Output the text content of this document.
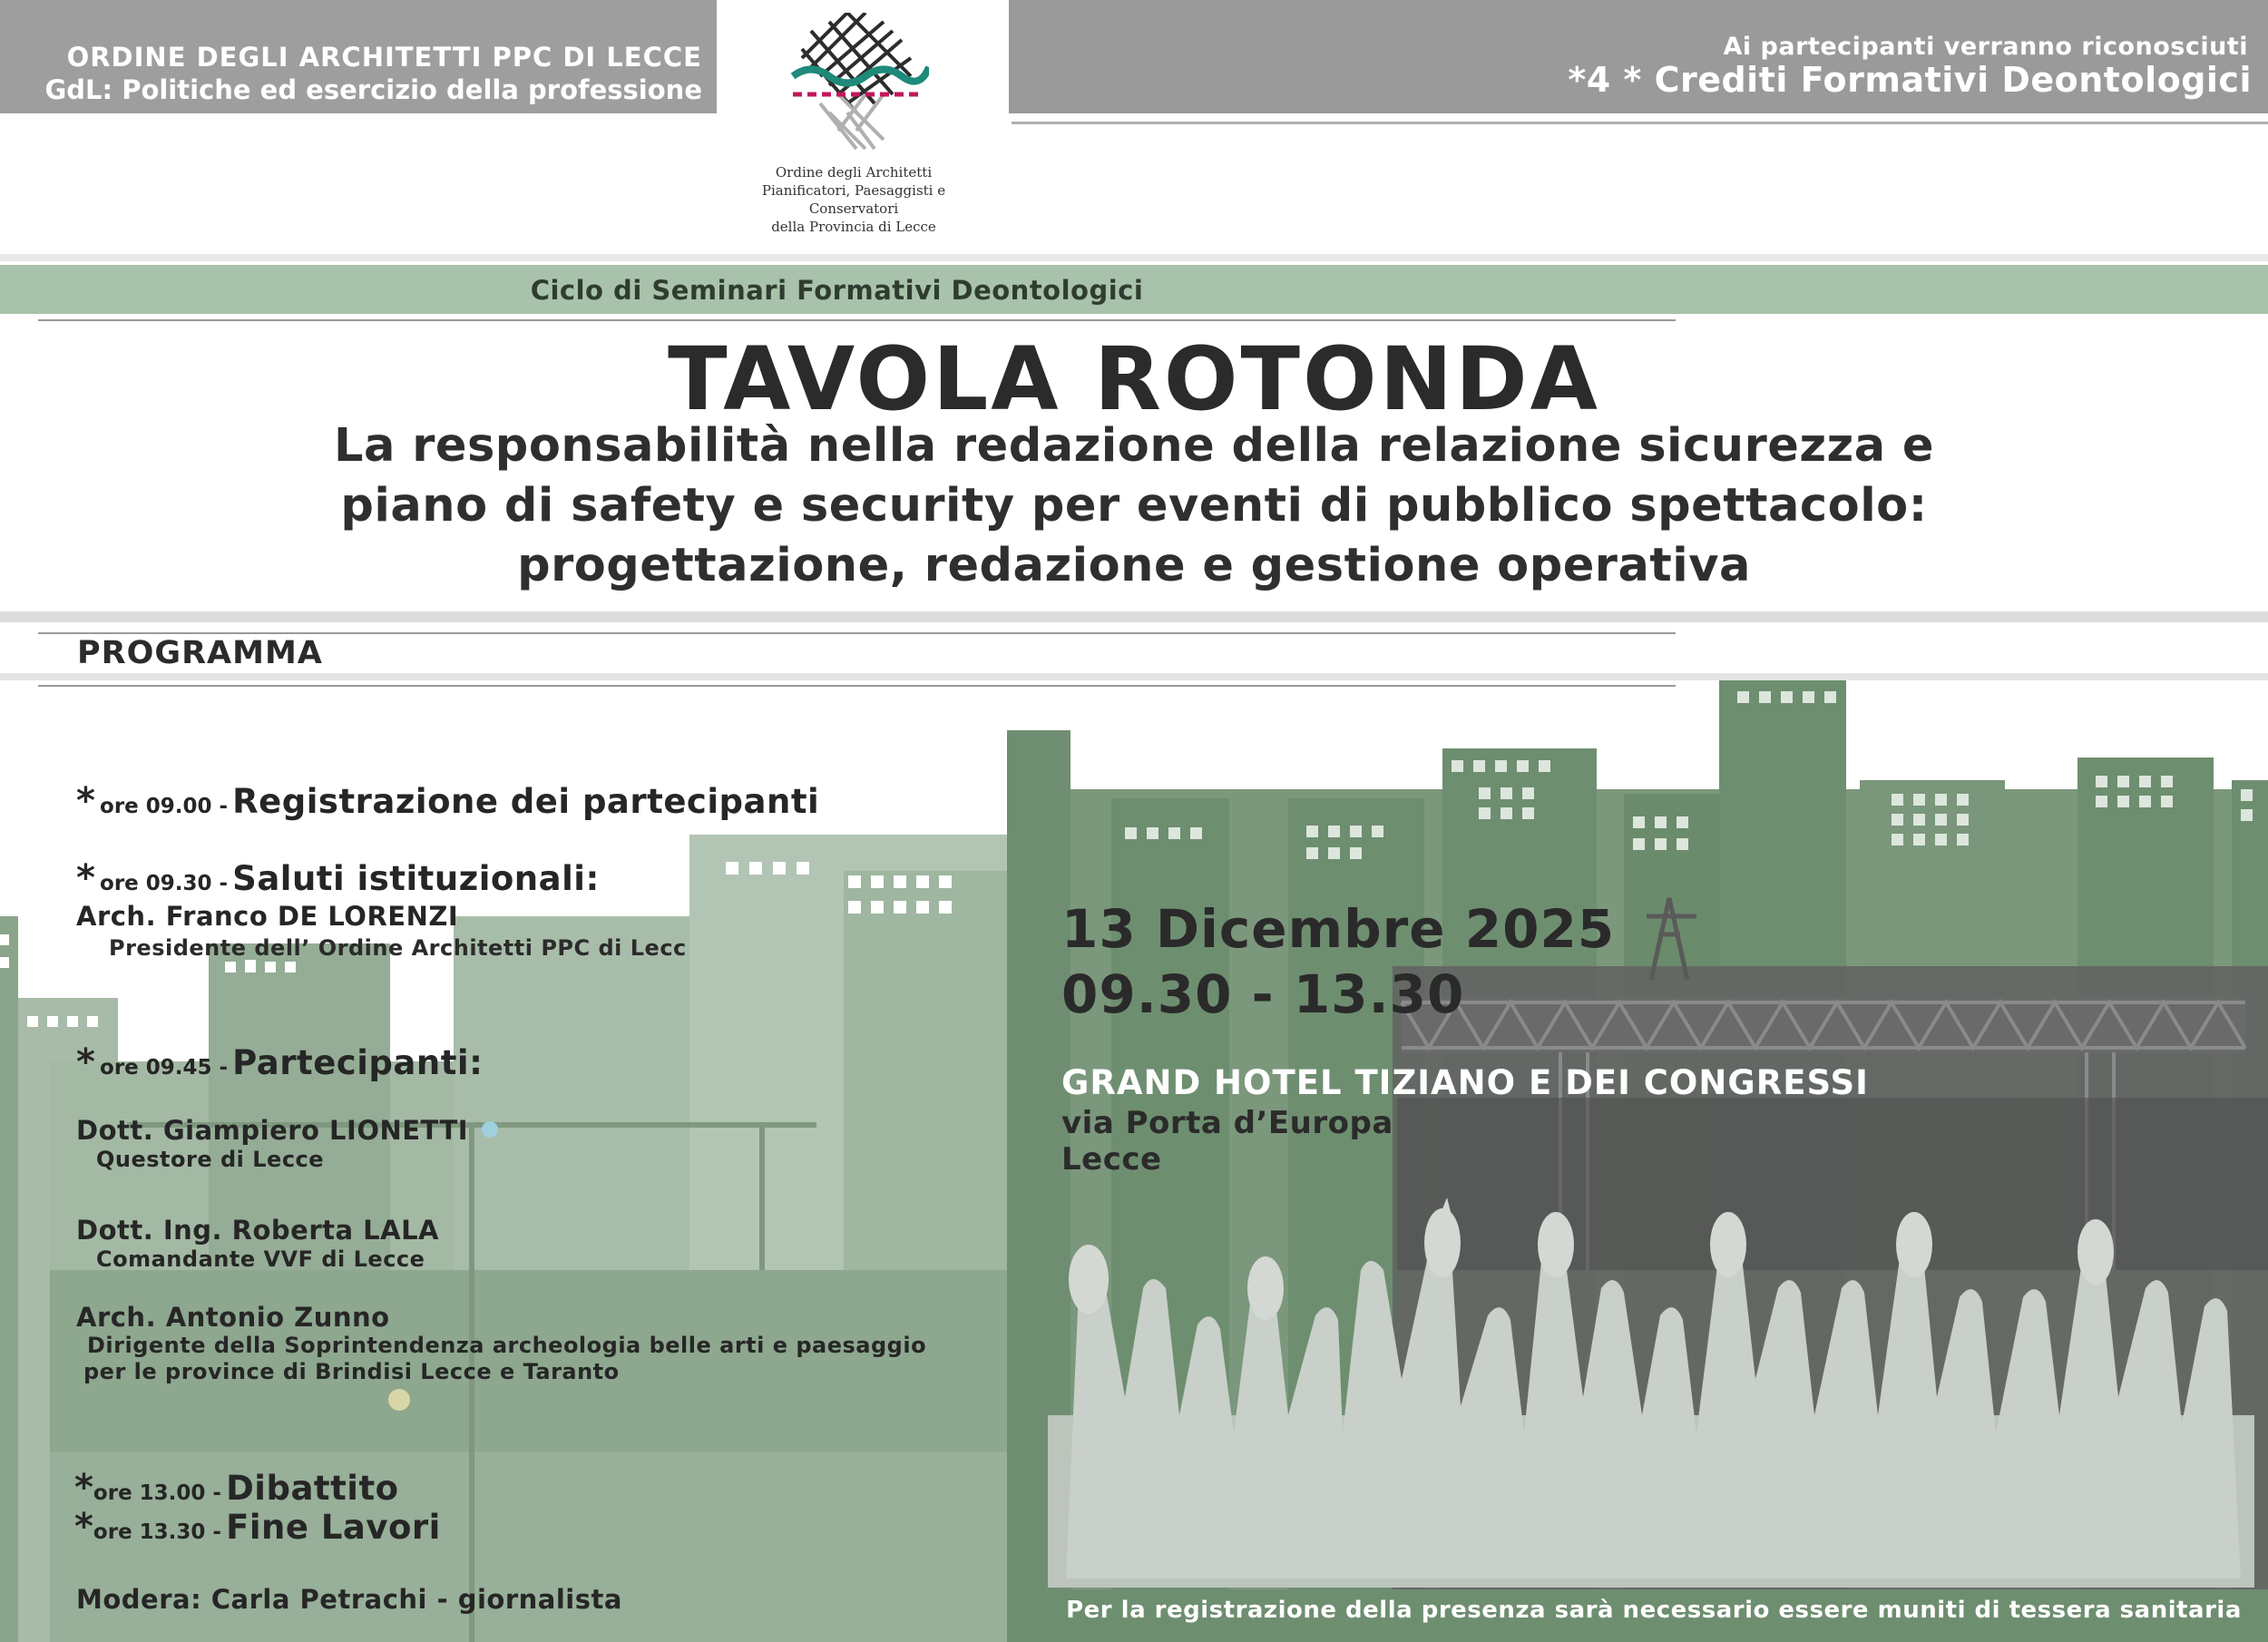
ORDINE DEGLI ARCHITETTI PPC DI LECCE
GdL: Politiche ed esercizio della professione
Ai partecipanti verranno riconosciuti
*4 * Crediti Formativi Deontologici
Ordine degli Architetti
Pianificatori, Paesaggisti e Conservatori
della Provincia di Lecce
Ciclo di Seminari Formativi Deontologici
TAVOLA ROTONDA
La responsabilità nella redazione della relazione sicurezza e
piano di safety e security per eventi di pubblico spettacolo:
progettazione, redazione e gestione operativa
PROGRAMMA
* ore 09.00 - Registrazione dei partecipanti
* ore 09.30 - Saluti istituzionali:
Arch. Franco DE LORENZI
Presidente dell’ Ordine Architetti PPC di Lecc
* ore 09.45 - Partecipanti:
Dott. Giampiero LIONETTI
Questore di Lecce
Dott. Ing. Roberta LALA
Comandante VVF di Lecce
Arch. Antonio Zunno
Dirigente della Soprintendenza archeologia belle arti e paesaggio
per le province di Brindisi Lecce e Taranto
*ore 13.00 - Dibattito
*ore 13.30 - Fine Lavori
Modera: Carla Petrachi - giornalista
13 Dicembre 2025
09.30 - 13.30
GRAND HOTEL TIZIANO E DEI CONGRESSI
via Porta d’Europa
Lecce
Per la registrazione della presenza sarà necessario essere muniti di tessera sanitaria
